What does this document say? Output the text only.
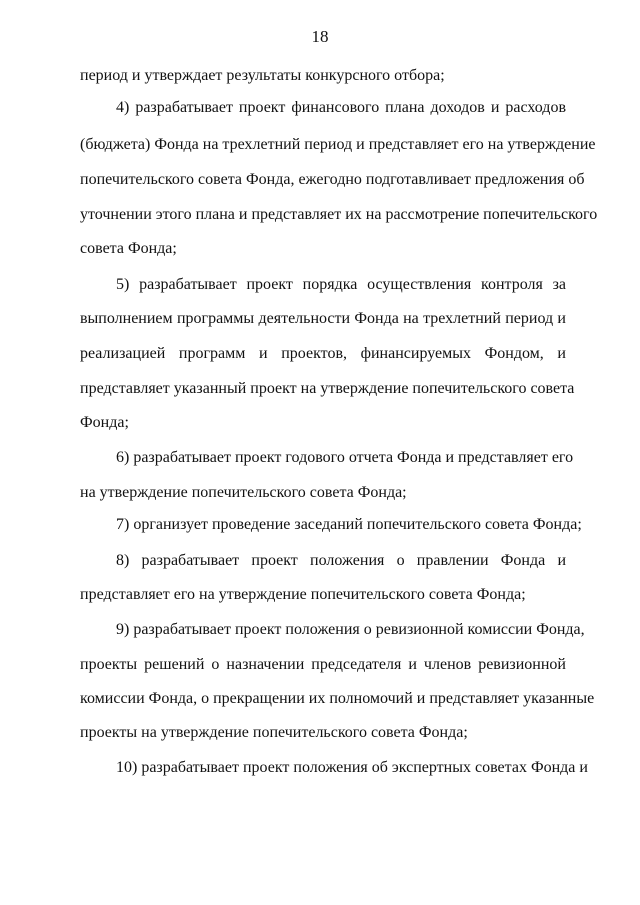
18
период и утверждает результаты конкурсного отбора;
4) разрабатывает проект финансового плана доходов и расходов
(бюджета) Фонда на трехлетний период и представляет его на утверждение
попечительского совета Фонда, ежегодно подготавливает предложения об
уточнении этого плана и представляет их на рассмотрение попечительского
совета Фонда;
5) разрабатывает проект порядка осуществления контроля за
выполнением программы деятельности Фонда на трехлетний период и
реализацией программ и проектов, финансируемых Фондом, и
представляет указанный проект на утверждение попечительского совета
Фонда;
6) разрабатывает проект годового отчета Фонда и представляет его
на утверждение попечительского совета Фонда;
7) организует проведение заседаний попечительского совета Фонда;
8) разрабатывает проект положения о правлении Фонда и
представляет его на утверждение попечительского совета Фонда;
9) разрабатывает проект положения о ревизионной комиссии Фонда,
проекты решений о назначении председателя и членов ревизионной
комиссии Фонда, о прекращении их полномочий и представляет указанные
проекты на утверждение попечительского совета Фонда;
10) разрабатывает проект положения об экспертных советах Фонда и
